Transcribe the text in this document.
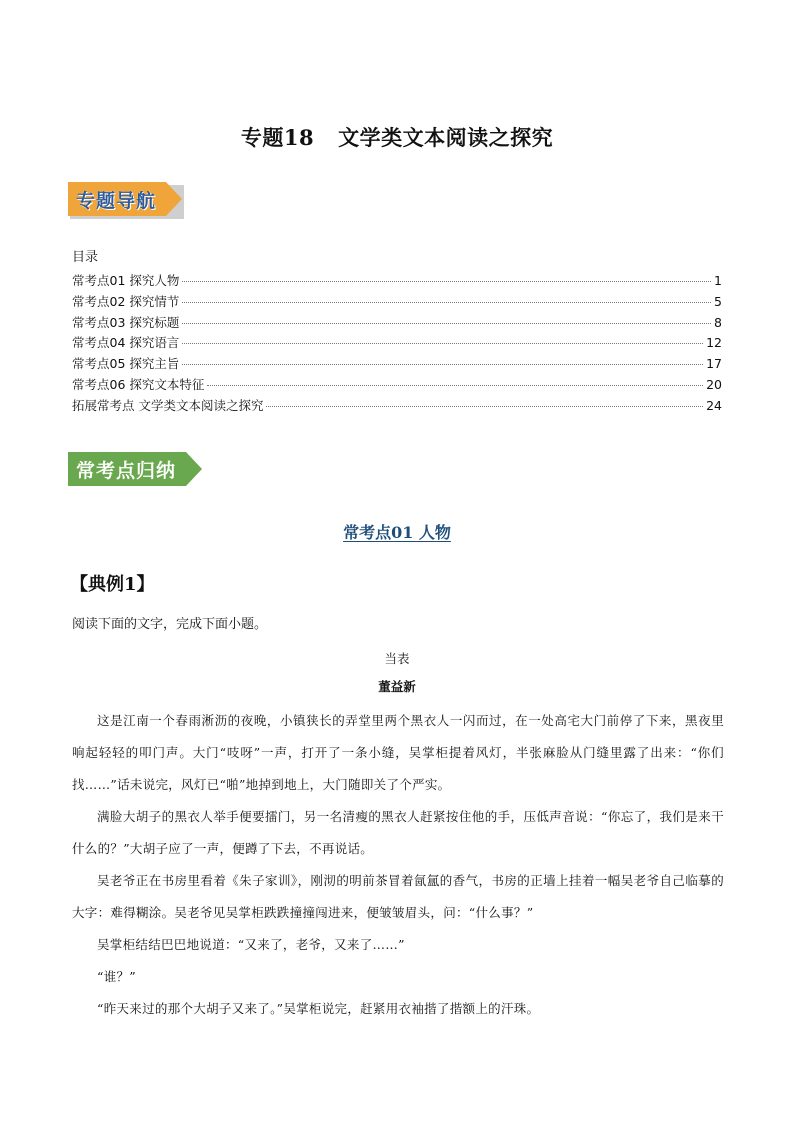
专题18 文学类文本阅读之探究
专题导航
目录
常考点01 探究人物	1
常考点02 探究情节	5
常考点03 探究标题	8
常考点04 探究语言	12
常考点05 探究主旨	17
常考点06 探究文本特征	20
拓展常考点 文学类文本阅读之探究	24
常考点归纳
常考点01 人物
【典例1】
阅读下面的文字，完成下面小题。
当表
董益新

这是江南一个春雨淅沥的夜晚，小镇狭长的弄堂里两个黑衣人一闪而过，在一处高宅大门前停了下来，黑夜里响起轻轻的叩门声。大门“吱呀”一声，打开了一条小缝，吴掌柜提着风灯，半张麻脸从门缝里露了出来：“你们找……”话未说完，风灯已“啪”地掉到地上，大门随即关了个严实。

满脸大胡子的黑衣人举手便要擂门，另一名清瘦的黑衣人赶紧按住他的手，压低声音说：“你忘了，我们是来干什么的？”大胡子应了一声，便蹲了下去，不再说话。

吴老爷正在书房里看着《朱子家训》，刚沏的明前茶冒着氤氲的香气，书房的正墙上挂着一幅吴老爷自己临摹的大字：难得糊涂。吴老爷见吴掌柜跌跌撞撞闯进来，便皱皱眉头，问：“什么事？”

吴掌柜结结巴巴地说道：“又来了，老爷，又来了……”

“谁？”

“昨天来过的那个大胡子又来了。”吴掌柜说完，赶紧用衣袖揩了揩额上的汗珠。
